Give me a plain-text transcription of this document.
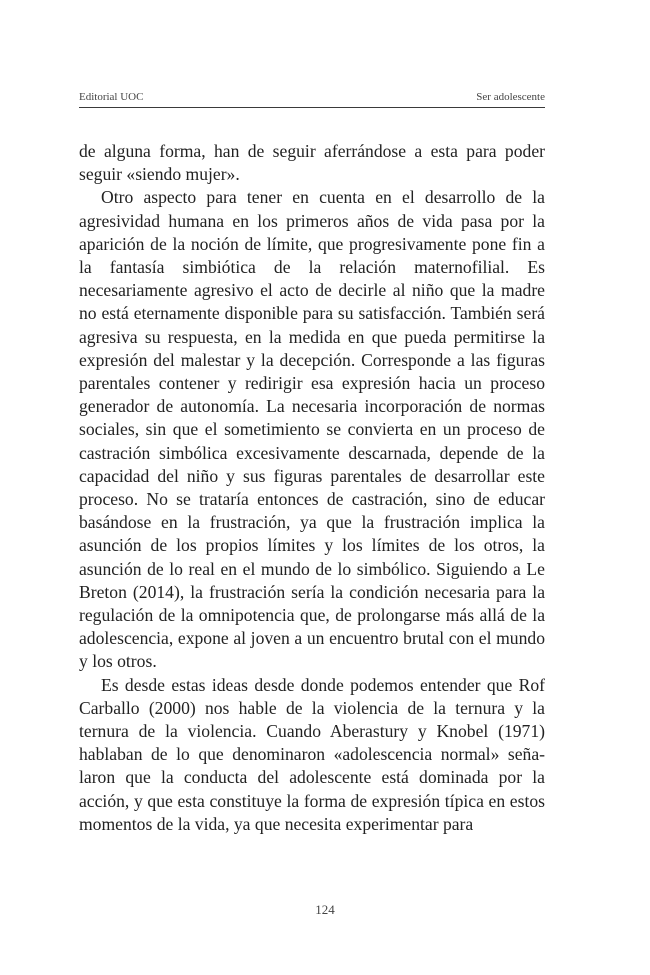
Editorial UOC	Ser adolescente

de alguna forma, han de seguir aferrándose a esta para poder seguir «siendo mujer».

Otro aspecto para tener en cuenta en el desarrollo de la agresividad humana en los primeros años de vida pasa por la aparición de la noción de límite, que progresivamente pone fin a la fantasía simbiótica de la relación maternofilial. Es necesariamente agresivo el acto de decirle al niño que la madre no está eternamente disponible para su satisfacción. También será agresiva su respuesta, en la medida en que pueda permitirse la expresión del malestar y la decepción. Corresponde a las figuras parentales contener y redirigir esa expresión hacia un proceso generador de autonomía. La necesaria incorporación de normas sociales, sin que el sometimiento se convierta en un proceso de castración simbólica excesivamente descarnada, depende de la capacidad del niño y sus figuras parentales de desarrollar este proceso. No se trataría entonces de castración, sino de educar basándose en la frustración, ya que la frustración implica la asunción de los propios límites y los límites de los otros, la asunción de lo real en el mundo de lo simbólico. Siguiendo a Le Breton (2014), la frustración sería la condición necesaria para la regulación de la omnipotencia que, de prolongarse más allá de la adolescencia, expone al joven a un encuentro brutal con el mundo y los otros.

Es desde estas ideas desde donde podemos entender que Rof Carballo (2000) nos hable de la violencia de la ternura y la ternura de la violencia. Cuando Aberastury y Knobel (1971) hablaban de lo que denominaron «adolescencia normal» señalaron que la conducta del adolescente está dominada por la acción, y que esta constituye la forma de expresión típica en estos momentos de la vida, ya que necesita experimentar para

124
